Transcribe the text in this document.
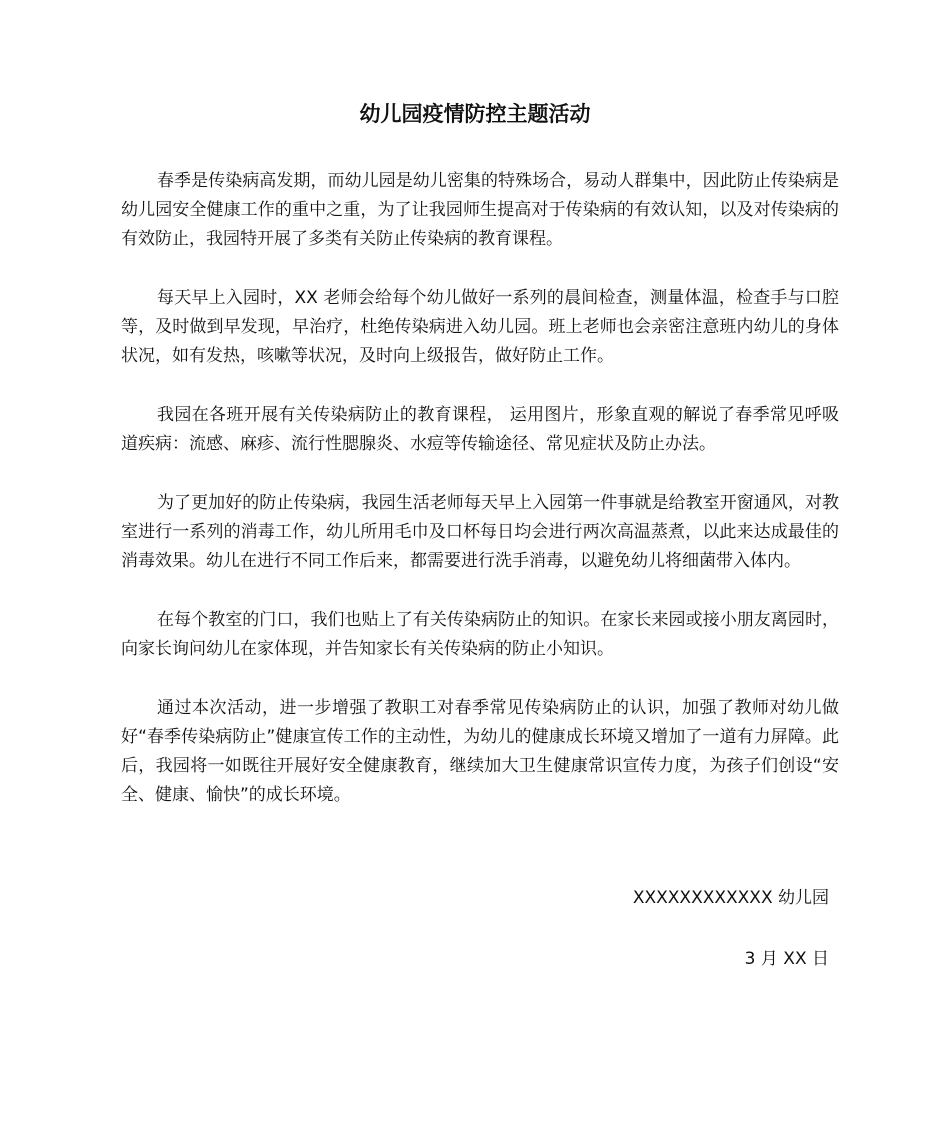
幼儿园疫情防控主题活动

春季是传染病高发期，而幼儿园是幼儿密集的特殊场合，易动人群集中，因此防止传染病是幼儿园安全健康工作的重中之重，为了让我园师生提高对于传染病的有效认知，以及对传染病的有效防止，我园特开展了多类有关防止传染病的教育课程。

每天早上入园时，XX 老师会给每个幼儿做好一系列的晨间检查，测量体温，检查手与口腔等，及时做到早发现，早治疗，杜绝传染病进入幼儿园。班上老师也会亲密注意班内幼儿的身体状况，如有发热，咳嗽等状况，及时向上级报告，做好防止工作。

我园在各班开展有关传染病防止的教育课程， 运用图片，形象直观的解说了春季常见呼吸道疾病：流感、麻疹、流行性腮腺炎、水痘等传输途径、常见症状及防止办法。

为了更加好的防止传染病，我园生活老师每天早上入园第一件事就是给教室开窗通风，对教室进行一系列的消毒工作，幼儿所用毛巾及口杯每日均会进行两次高温蒸煮，以此来达成最佳的消毒效果。幼儿在进行不同工作后来，都需要进行洗手消毒，以避免幼儿将细菌带入体内。

在每个教室的门口，我们也贴上了有关传染病防止的知识。在家长来园或接小朋友离园时，向家长询问幼儿在家体现，并告知家长有关传染病的防止小知识。

通过本次活动，进一步增强了教职工对春季常见传染病防止的认识，加强了教师对幼儿做好“春季传染病防止”健康宣传工作的主动性，为幼儿的健康成长环境又增加了一道有力屏障。此后，我园将一如既往开展好安全健康教育，继续加大卫生健康常识宣传力度，为孩子们创设“安全、健康、愉快”的成长环境。

XXXXXXXXXXXX 幼儿园

3 月 XX 日
